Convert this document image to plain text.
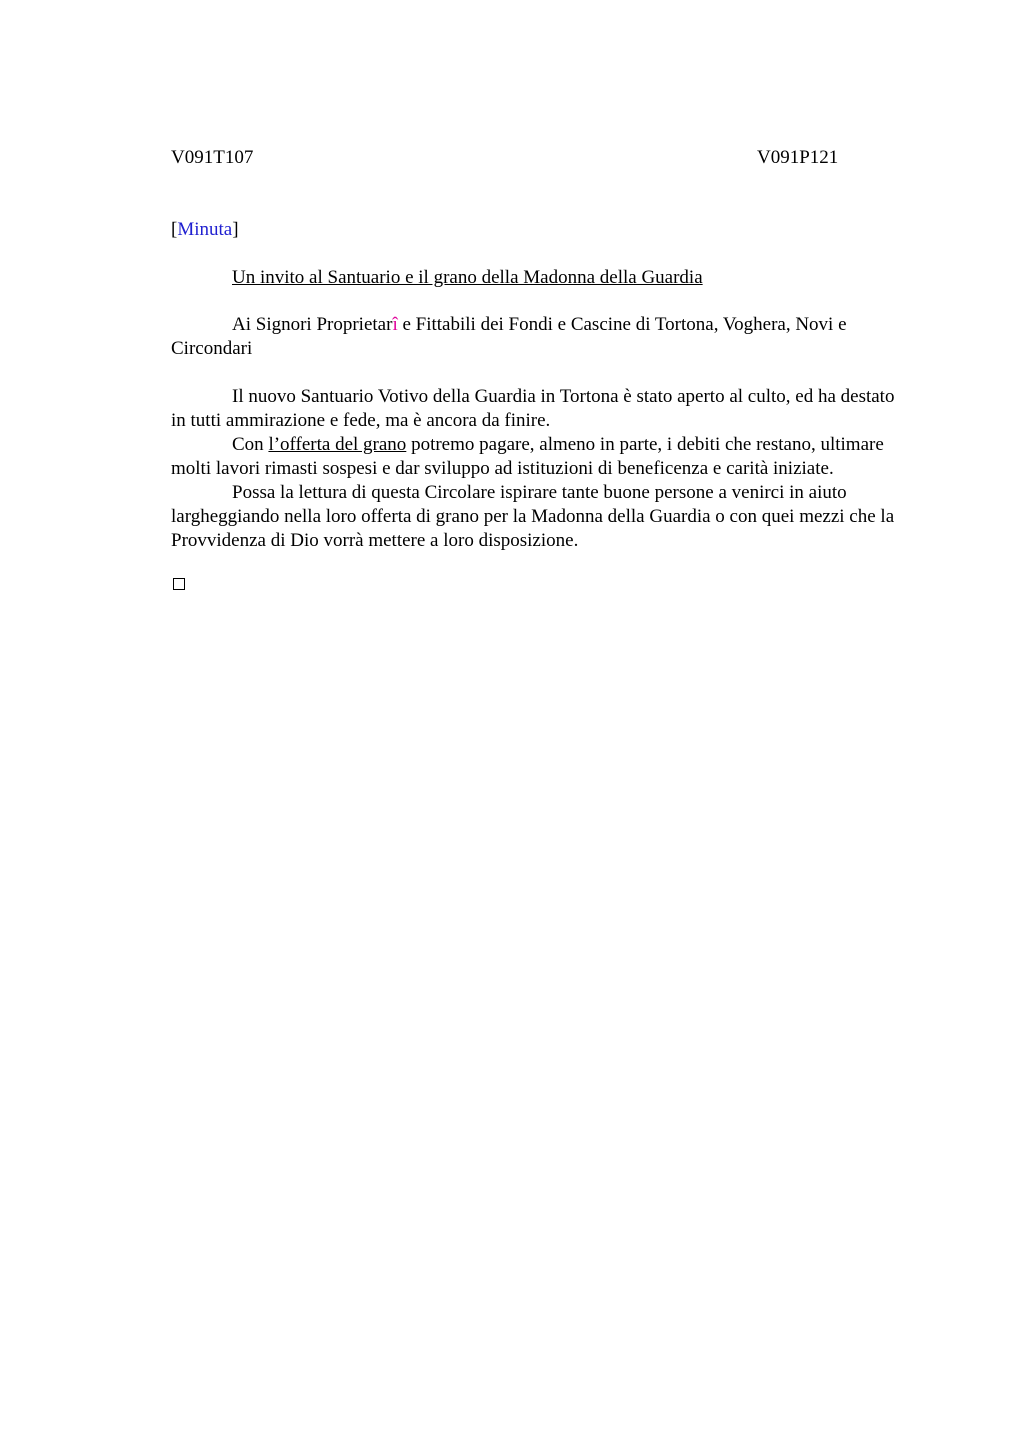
V091T107	V091P121
[Minuta]
Un invito al Santuario e il grano della Madonna della Guardia
Ai Signori Proprietarî e Fittabili dei Fondi e Cascine di Tortona, Voghera, Novi e Circondari

Il nuovo Santuario Votivo della Guardia in Tortona è stato aperto al culto, ed ha destato in tutti ammirazione e fede, ma è ancora da finire.

Con l’offerta del grano potremo pagare, almeno in parte, i debiti che restano, ultimare molti lavori rimasti sospesi e dar sviluppo ad istituzioni di beneficenza e carità iniziate.

Possa la lettura di questa Circolare ispirare tante buone persone a venirci in aiuto largheggiando nella loro offerta di grano per la Madonna della Guardia o con quei mezzi che la Provvidenza di Dio vorrà mettere a loro disposizione.
